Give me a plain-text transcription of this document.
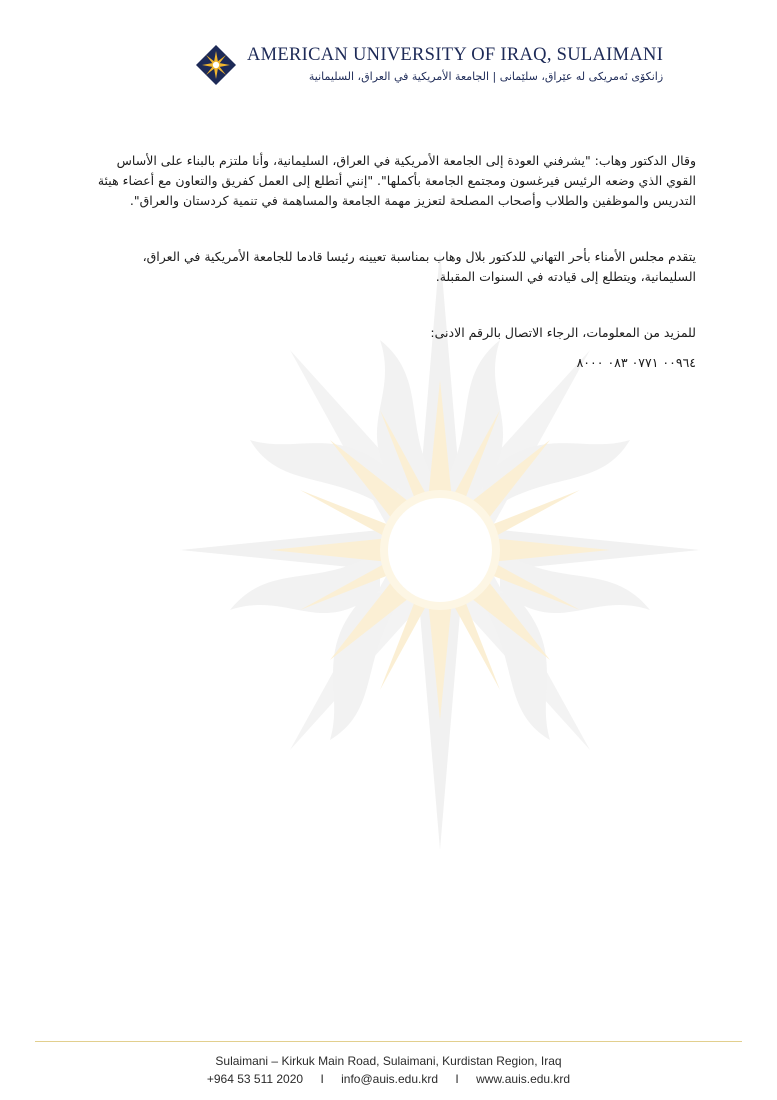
AMERICAN UNIVERSITY OF IRAQ, SULAIMANI
زانكۆی ئەمریكی لە عێراق، سلێمانی | الجامعة الأمريكية في العراق، السليمانية

وقال الدكتور وهاب: "يشرفني العودة إلى الجامعة الأمريكية في العراق، السليمانية، وأنا ملتزم بالبناء على الأساس القوي الذي وضعه الرئيس فيرغسون ومجتمع الجامعة بأكملها". "إنني أتطلع إلى العمل كفريق والتعاون مع أعضاء هيئة التدريس والموظفين والطلاب وأصحاب المصلحة لتعزيز مهمة الجامعة والمساهمة في تنمية كردستان والعراق".

يتقدم مجلس الأمناء بأحر التهاني للدكتور بلال وهاب بمناسبة تعيينه رئيسا قادما للجامعة الأمريكية في العراق، السليمانية، ويتطلع إلى قيادته في السنوات المقبلة.

للمزيد من المعلومات، الرجاء الاتصال بالرقم الادنى:

٠٠٩٦٤ ٠٧٧١ ٠٨٣ ٨٠٠٠

Sulaimani – Kirkuk Main Road, Sulaimani, Kurdistan Region, Iraq
+964 53 511 2020 I info@auis.edu.krd I www.auis.edu.krd
